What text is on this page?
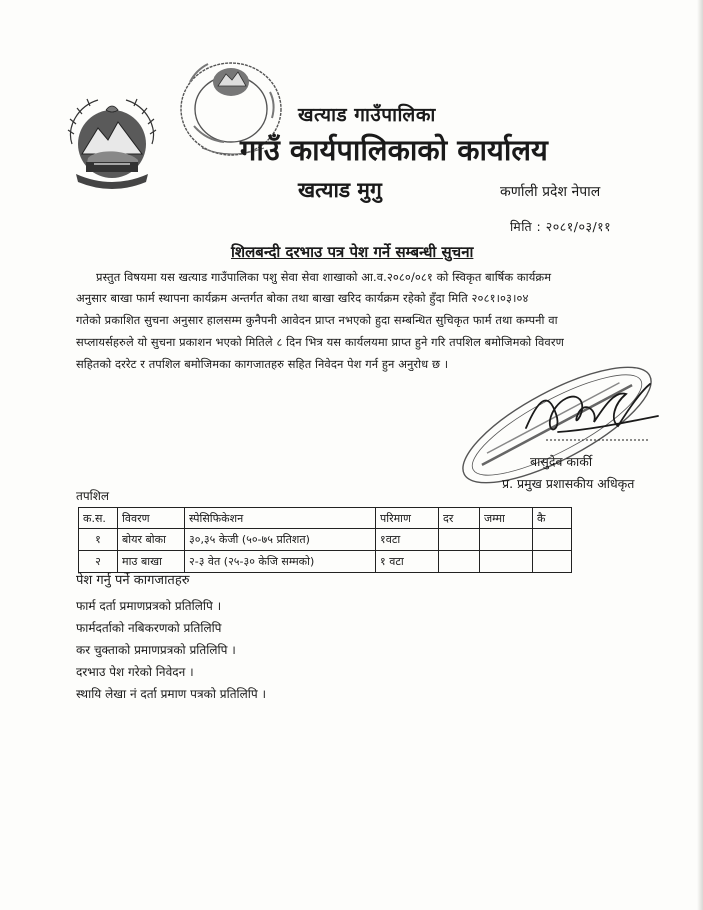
खत्याड गाउँपालिका
गाउँ कार्यपालिकाको कार्यालय
खत्याड मुगु	कर्णाली प्रदेश नेपाल
मिति : २०८१/०३/११
शिलबन्दी दरभाउ पत्र पेश गर्ने सम्बन्धी सुचना
प्रस्तुत विषयमा यस खत्याड गाउँपालिका पशु सेवा सेवा शाखाको आ.व.२०८०/०८१ को स्विकृत बार्षिक कार्यक्रम
अनुसार बाखा फार्म स्थापना कार्यक्रम अन्तर्गत बोका तथा बाखा खरिद कार्यक्रम रहेको हुँदा मिति २०८१।०३।०४
गतेको प्रकाशित सुचना अनुसार हालसम्म कुनैपनी आवेदन प्राप्त नभएको हुदा सम्बन्धित सुचिकृत फार्म तथा कम्पनी वा
सप्लायर्सहरुले यो सुचना प्रकाशन भएको मितिले ८ दिन भित्र यस कार्यलयमा प्राप्त हुने गरि तपशिल बमोजिमको विवरण
सहितको दररेट र तपशिल बमोजिमका कागजातहरु सहित निवेदन पेश गर्न हुन अनुरोध छ ।
बासुदेव कार्की
प्र. प्रमुख प्रशासकीय अधिकृत
तपशिल
क.स.	विवरण	स्पेसिफिकेशन	परिमाण	दर	जम्मा	कै
१	बोयर बोका	३०,३५ केजी (५०-७५ प्रतिशत)	१वटा			
२	माउ बाखा	२-३ वेत (२५-३० केजि सम्मको)	१ वटा			
पेश गर्नु पर्ने कागजातहरु
फार्म दर्ता प्रमाणप्रत्रको प्रतिलिपि ।
फार्मदर्ताको नबिकरणको प्रतिलिपि
कर चुक्ताको प्रमाणप्रत्रको प्रतिलिपि ।
दरभाउ पेश गरेको निवेदन ।
स्थायि लेखा नं दर्ता प्रमाण पत्रको प्रतिलिपि ।
